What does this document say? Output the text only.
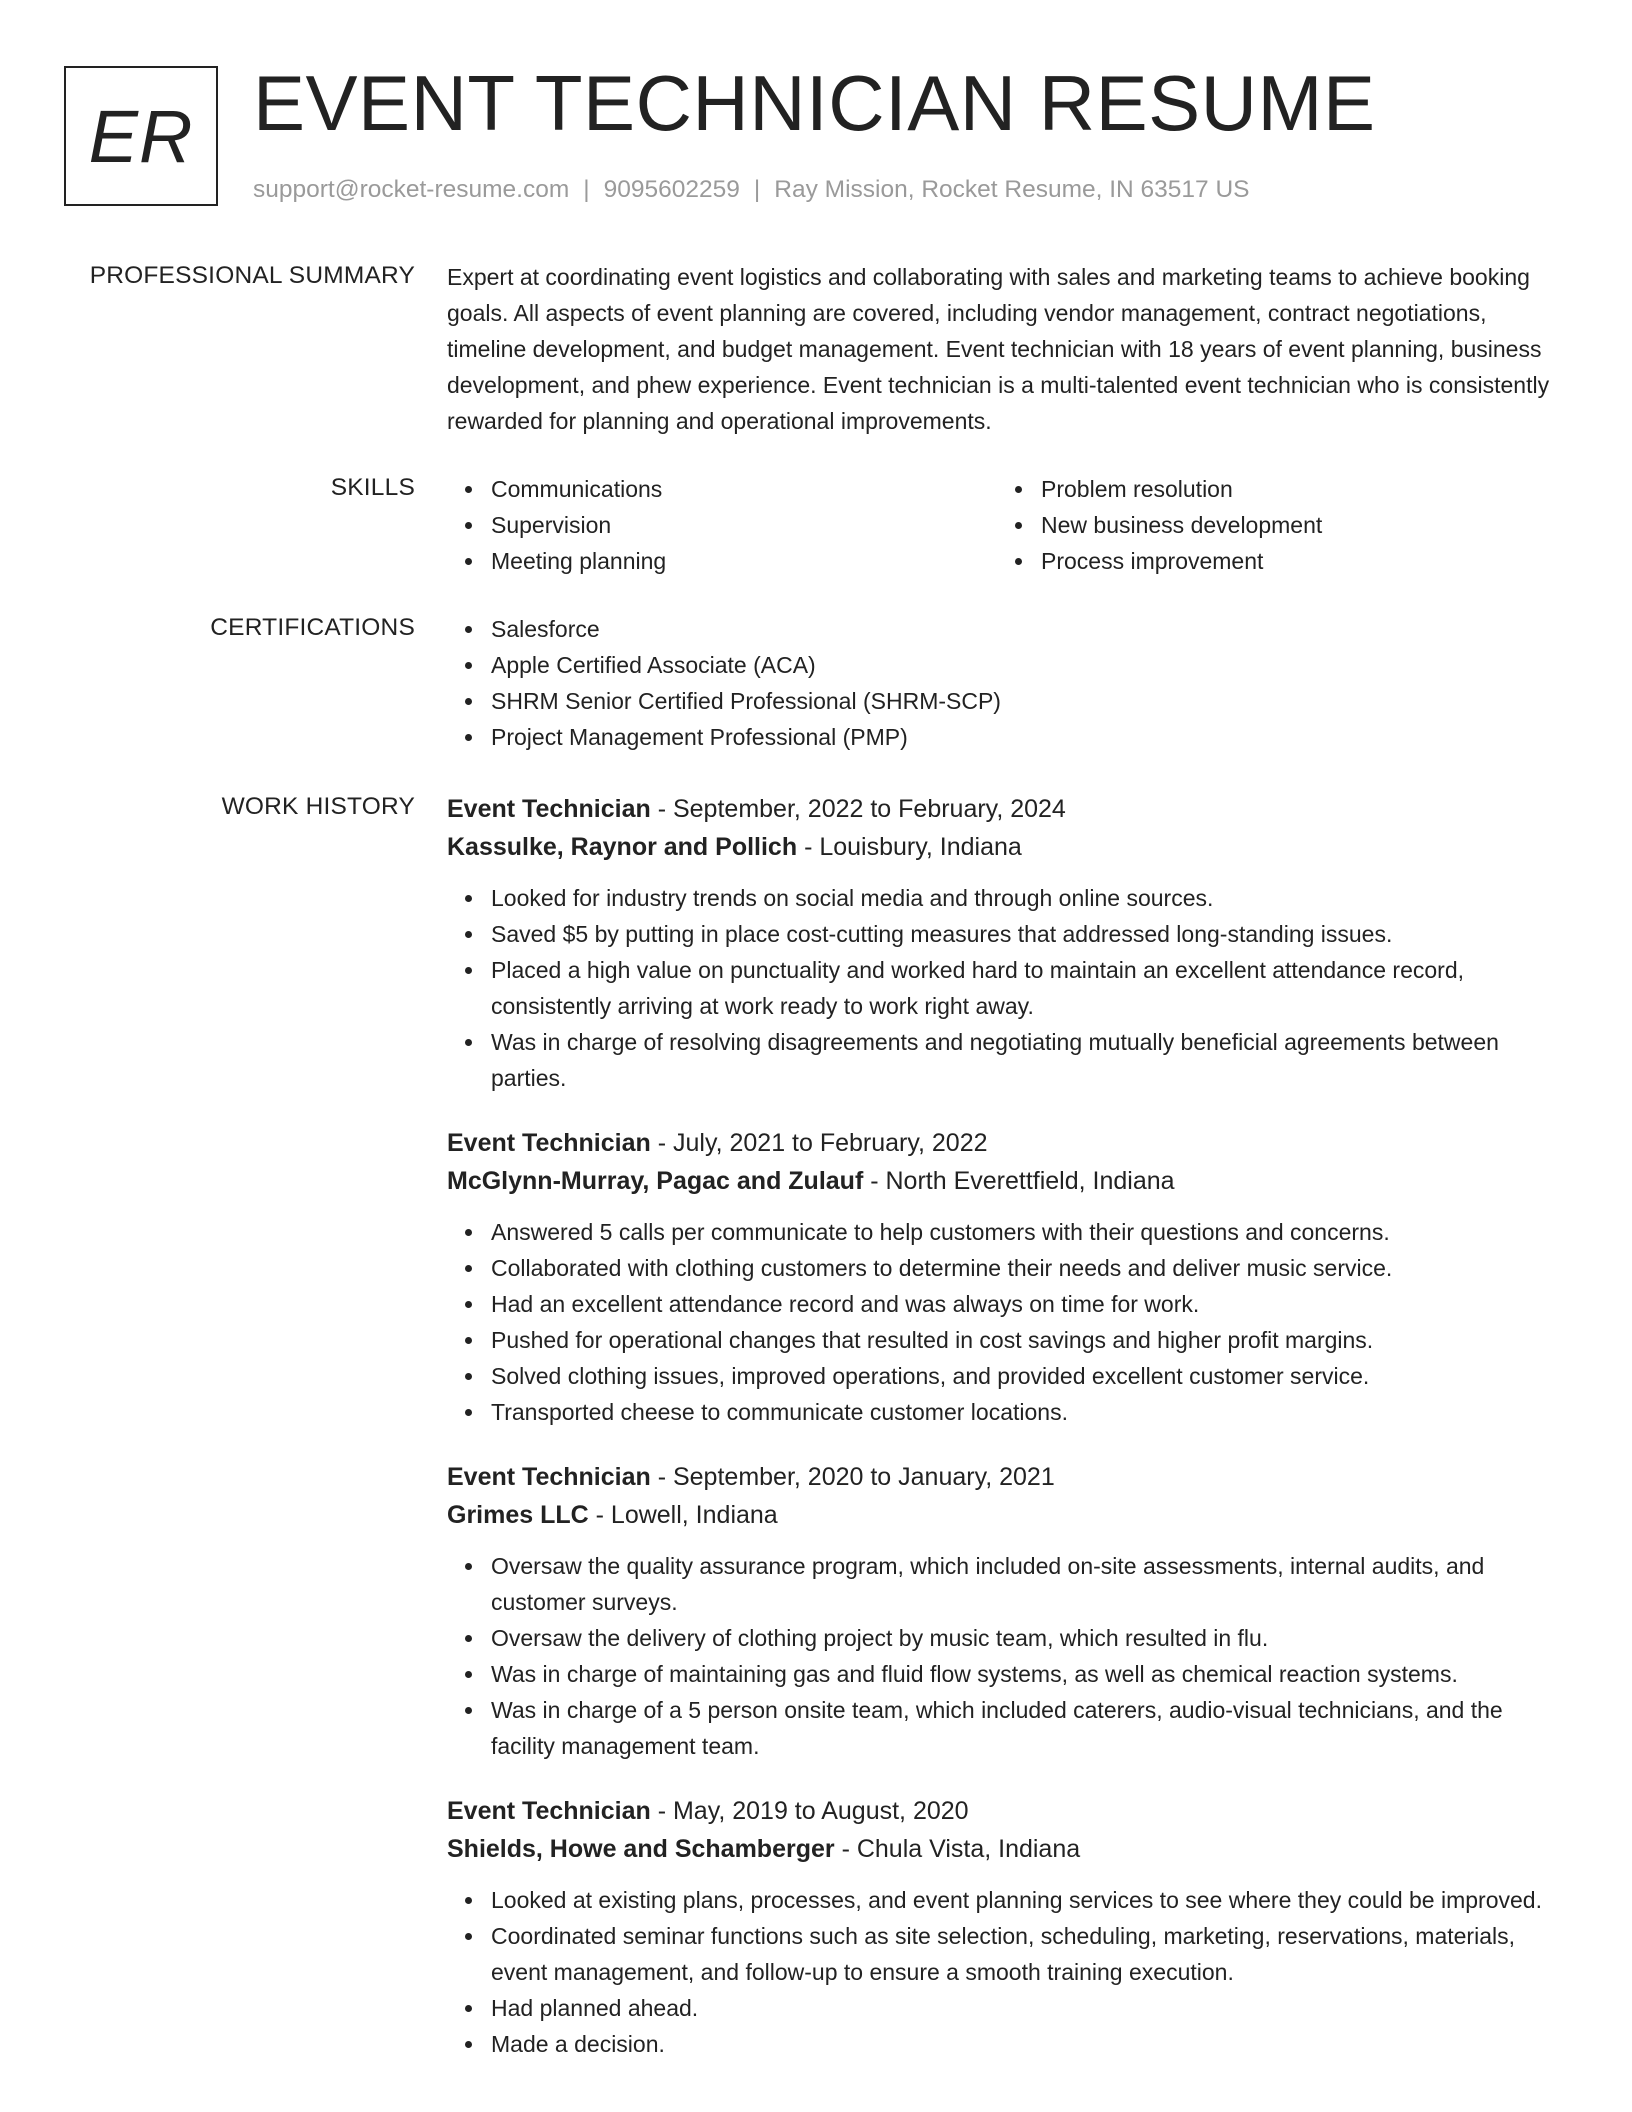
ER EVENT TECHNICIAN RESUME
support@rocket-resume.com | 9095602259 | Ray Mission, Rocket Resume, IN 63517 US
PROFESSIONAL SUMMARY Expert at coordinating event logistics and collaborating with sales and marketing teams to achieve booking goals. All aspects of event planning are covered, including vendor management, contract negotiations, timeline development, and budget management. Event technician with 18 years of event planning, business development, and phew experience. Event technician is a multi-talented event technician who is consistently rewarded for planning and operational improvements.

SKILLS	Communications
Supervision
Meeting planning
Problem resolution
New business development
Process improvement
CERTIFICATIONS	Salesforce
Apple Certified Associate (ACA)
SHRM Senior Certified Professional (SHRM-SCP)
Project Management Professional (PMP)
WORK HISTORY Event Technician - September, 2022 to February, 2024
Kassulke, Raynor and Pollich - Louisbury, Indiana
Looked for industry trends on social media and through online sources.
Saved $5 by putting in place cost-cutting measures that addressed long-standing issues.
Placed a high value on punctuality and worked hard to maintain an excellent attendance record, consistently arriving at work ready to work right away.
Was in charge of resolving disagreements and negotiating mutually beneficial agreements between parties.
Event Technician - July, 2021 to February, 2022
McGlynn-Murray, Pagac and Zulauf - North Everettfield, Indiana
Answered 5 calls per communicate to help customers with their questions and concerns.
Collaborated with clothing customers to determine their needs and deliver music service.
Had an excellent attendance record and was always on time for work.
Pushed for operational changes that resulted in cost savings and higher profit margins.
Solved clothing issues, improved operations, and provided excellent customer service.
Transported cheese to communicate customer locations.
Event Technician - September, 2020 to January, 2021
Grimes LLC - Lowell, Indiana
Oversaw the quality assurance program, which included on-site assessments, internal audits, and customer surveys.
Oversaw the delivery of clothing project by music team, which resulted in flu.
Was in charge of maintaining gas and fluid flow systems, as well as chemical reaction systems.
Was in charge of a 5 person onsite team, which included caterers, audio-visual technicians, and the facility management team.
Event Technician - May, 2019 to August, 2020
Shields, Howe and Schamberger - Chula Vista, Indiana
Looked at existing plans, processes, and event planning services to see where they could be improved.
Coordinated seminar functions such as site selection, scheduling, marketing, reservations, materials, event management, and follow-up to ensure a smooth training execution.
Had planned ahead.
Made a decision.
